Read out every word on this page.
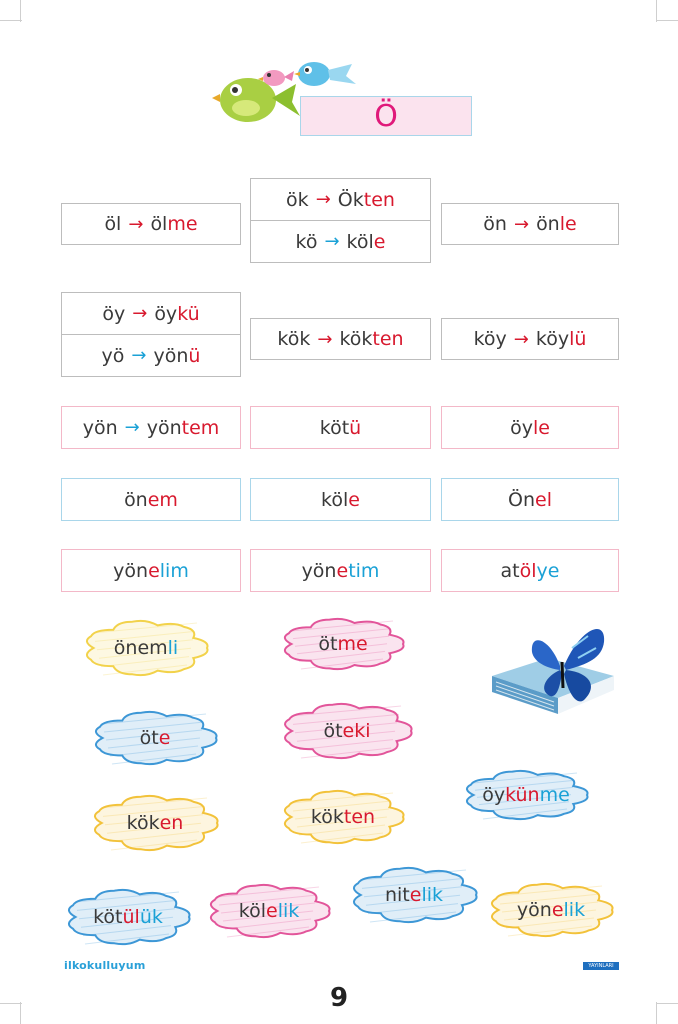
Ö
öl → öl me
ök → Ök ten
kö → köl e
ön → ön le
öy → öy kü
yö → yön ü
kök → kök ten	köy → köy lü
yön → yön tem	köt ü	öy le
ön em	köl e	Ön el
yön e lim	yön e tim	at öl ye
önem li	öt me
öt e	öt eki
öy kün me
kök en	kök ten
köt ül ük	köl e lik
nit e lik
yön e lik
ilkokulluyum	YAYINLARI
9
